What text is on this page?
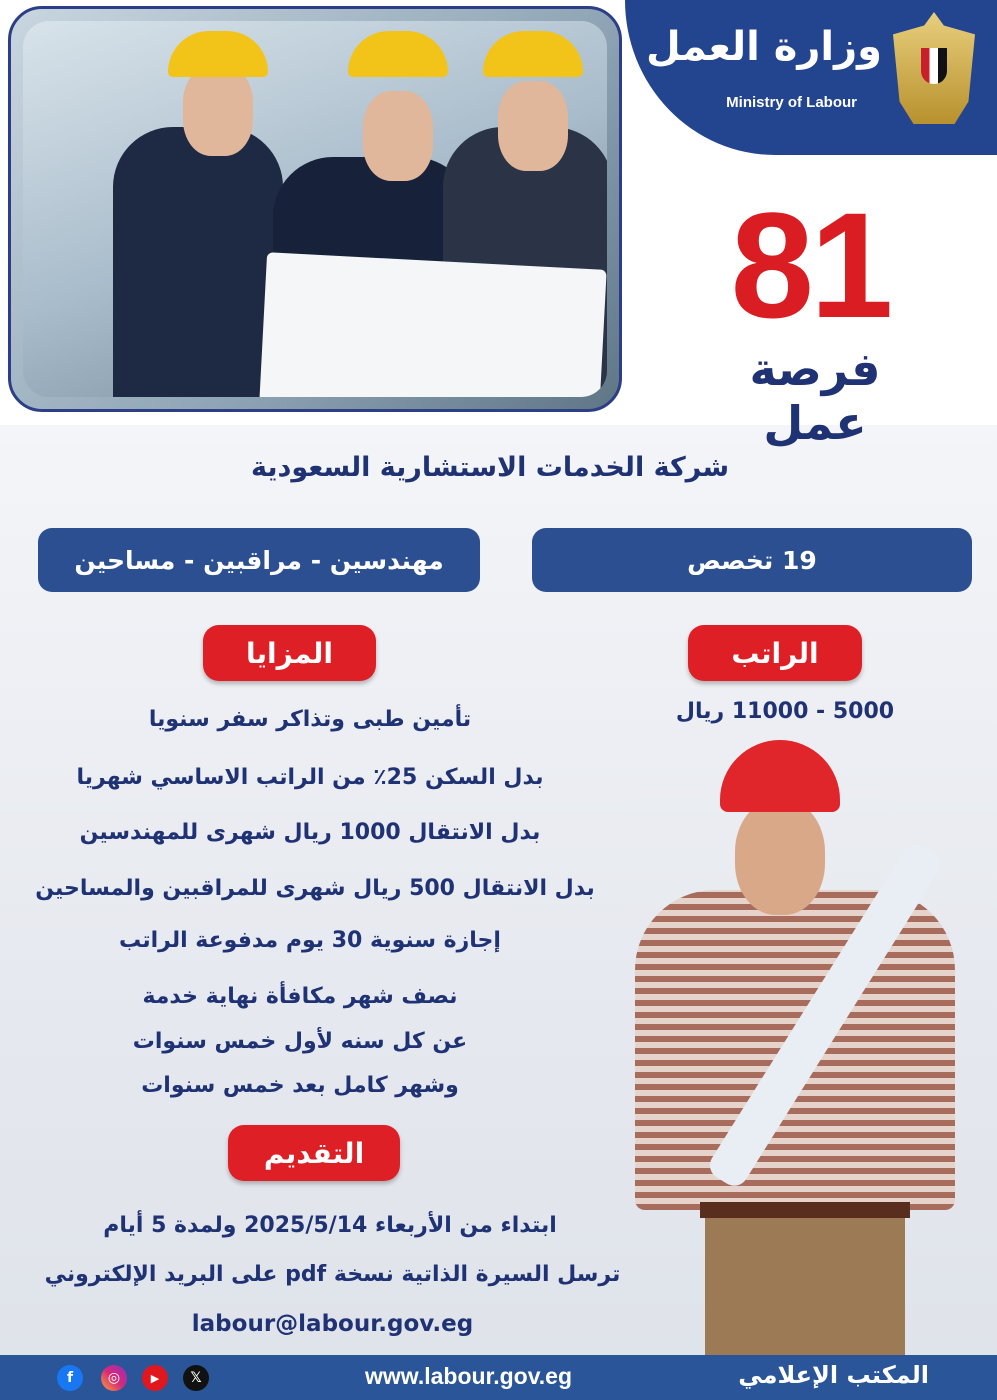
وزارة العمل
Ministry of Labour
81
فرصة عمل
شركة الخدمات الاستشارية السعودية
مهندسين - مراقبين - مساحين	19 تخصص
المزايا	الراتب
5000 - 11000 ريال
تأمين طبى وتذاكر سفر سنويا
بدل السكن 25٪ من الراتب الاساسي شهريا
بدل الانتقال 1000 ريال شهرى للمهندسين
بدل الانتقال 500 ريال شهرى للمراقبين والمساحين
إجازة سنوية 30 يوم مدفوعة الراتب
نصف شهر مكافأة نهاية خدمة
عن كل سنه لأول خمس سنوات
وشهر كامل بعد خمس سنوات
التقديم
ابتداء من الأربعاء 2025/5/14 ولمدة 5 أيام
ترسل السيرة الذاتية نسخة pdf على البريد الإلكتروني
labour@labour.gov.eg
المكتب الإعلامي
www.labour.gov.eg
f	◎	▶	𝕏
